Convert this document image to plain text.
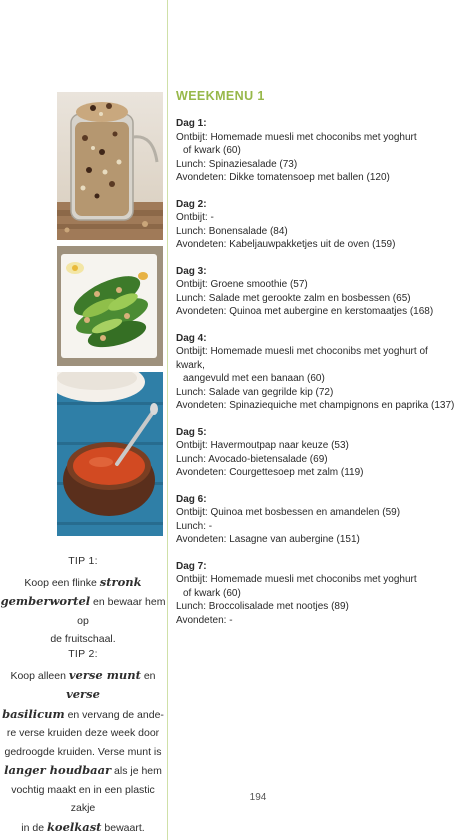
TIP 1:
Koop een flinke stronk
gemberwortel en bewaar hem op
de fruitschaal.
TIP 2:
Koop alleen verse munt en verse
basilicum en vervang de ande-
re verse kruiden deze week door
gedroogde kruiden. Verse munt is
langer houdbaar als je hem
vochtig maakt en in een plastic zakje
in de koelkast bewaart.
WEEKMENU 1
Dag 1:
Ontbijt: Homemade muesli met choconibs met yoghurt
of kwark (60)
Lunch: Spinaziesalade (73)
Avondeten: Dikke tomatensoep met ballen (120)
Dag 2:
Ontbijt: -
Lunch: Bonensalade (84)
Avondeten: Kabeljauwpakketjes uit de oven (159)
Dag 3:
Ontbijt: Groene smoothie (57)
Lunch: Salade met gerookte zalm en bosbessen (65)
Avondeten: Quinoa met aubergine en kerstomaatjes (168)
Dag 4:
Ontbijt: Homemade muesli met choconibs met yoghurt of kwark,
aangevuld met een banaan (60)
Lunch: Salade van gegrilde kip (72)
Avondeten: Spinaziequiche met champignons en paprika (137)
Dag 5:
Ontbijt: Havermoutpap naar keuze (53)
Lunch: Avocado-bietensalade (69)
Avondeten: Courgettesoep met zalm (119)
Dag 6:
Ontbijt: Quinoa met bosbessen en amandelen (59)
Lunch: -
Avondeten: Lasagne van aubergine (151)
Dag 7:
Ontbijt: Homemade muesli met choconibs met yoghurt
of kwark (60)
Lunch: Broccolisalade met nootjes (89)
Avondeten: -
194
